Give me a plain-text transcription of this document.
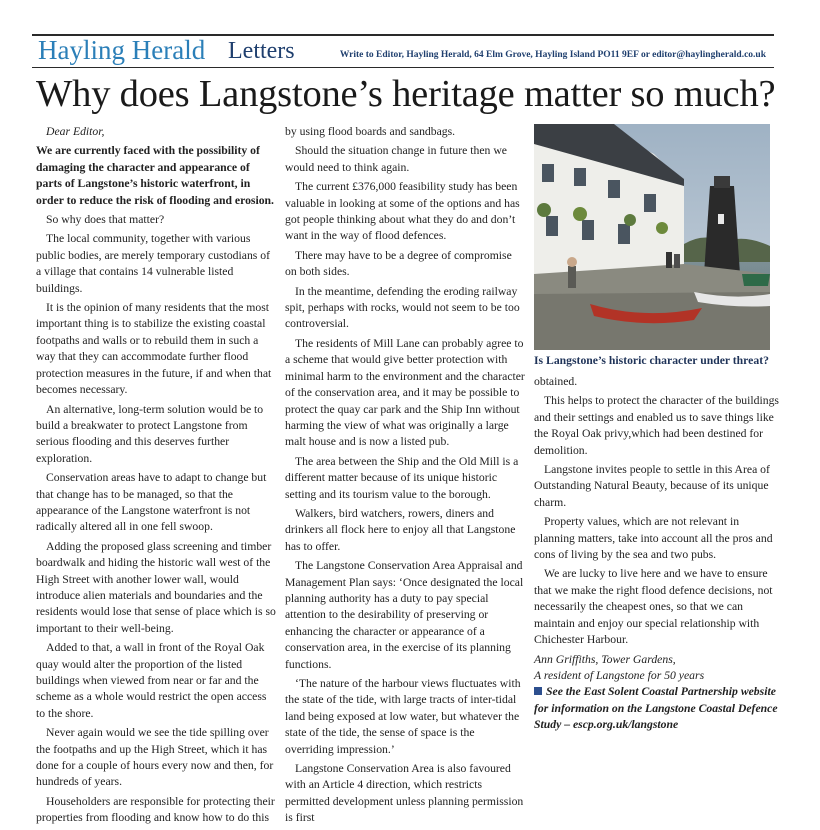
Hayling Herald Letters	Write to Editor, Hayling Herald, 64 Elm Grove, Hayling Island PO11 9EF or editor@haylingherald.co.uk
Why does Langstone’s heritage matter so much?

Dear Editor,

We are currently faced with the possibility of damaging the character and appearance of parts of Langstone’s historic waterfront, in order to reduce the risk of flooding and erosion.

So why does that matter?

The local community, together with various public bodies, are merely temporary custodians of a village that contains 14 vulnerable listed buildings.

It is the opinion of many residents that the most important thing is to stabilize the existing coastal footpaths and walls or to rebuild them in such a way that they can accommodate further flood protection measures in the future, if and when that becomes necessary.

An alternative, long-term solution would be to build a breakwater to protect Langstone from serious flooding and this deserves further exploration.

Conservation areas have to adapt to change but that change has to be managed, so that the appearance of the Langstone waterfront is not radically altered all in one fell swoop.

Adding the proposed glass screening and timber boardwalk and hiding the historic wall west of the High Street with another lower wall, would introduce alien materials and boundaries and the residents would lose that sense of place which is so important to their well-being.

Added to that, a wall in front of the Royal Oak quay would alter the proportion of the listed buildings when viewed from near or far and the scheme as a whole would restrict the open access to the shore.

Never again would we see the tide spilling over the footpaths and up the High Street, which it has done for a couple of hours every now and then, for hundreds of years.

Householders are responsible for protecting their properties from flooding and know how to do this

by using flood boards and sandbags.

Should the situation change in future then we would need to think again.

The current £376,000 feasibility study has been valuable in looking at some of the options and has got people thinking about what they do and don’t want in the way of flood defences.

There may have to be a degree of compromise on both sides.

In the meantime, defending the eroding railway spit, perhaps with rocks, would not seem to be too controversial.

The residents of Mill Lane can probably agree to a scheme that would give better protection with minimal harm to the environment and the character of the conservation area, and it may be possible to protect the quay car park and the Ship Inn without harming the view of what was originally a large malt house and is now a listed pub.

The area between the Ship and the Old Mill is a different matter because of its unique historic setting and its tourism value to the borough.

Walkers, bird watchers, rowers, diners and drinkers all flock here to enjoy all that Langstone has to offer.

The Langstone Conservation Area Appraisal and Management Plan says: ‘Once designated the local planning authority has a duty to pay special attention to the desirability of preserving or enhancing the character or appearance of a conservation area, in the exercise of its planning functions.

‘The nature of the harbour views fluctuates with the state of the tide, with large tracts of inter-tidal land being exposed at low water, but whatever the state of the tide, the sense of space is the overriding impression.’

Langstone Conservation Area is also favoured with an Article 4 direction, which restricts permitted development unless planning permission is first

Is Langstone’s historic character under threat?

obtained.

This helps to protect the character of the buildings and their settings and enabled us to save things like the Royal Oak privy,which had been destined for demolition.

Langstone invites people to settle in this Area of Outstanding Natural Beauty, because of its unique charm.

Property values, which are not relevant in planning matters, take into account all the pros and cons of living by the sea and two pubs.

We are lucky to live here and we have to ensure that we make the right flood defence decisions, not necessarily the cheapest ones, so that we can maintain and enjoy our special relationship with Chichester Harbour.

Ann Griffiths, Tower Gardens,

A resident of Langstone for 50 years

See the East Solent Coastal Partnership website for information on the Langstone Coastal Defence Study – escp.org.uk/langstone
